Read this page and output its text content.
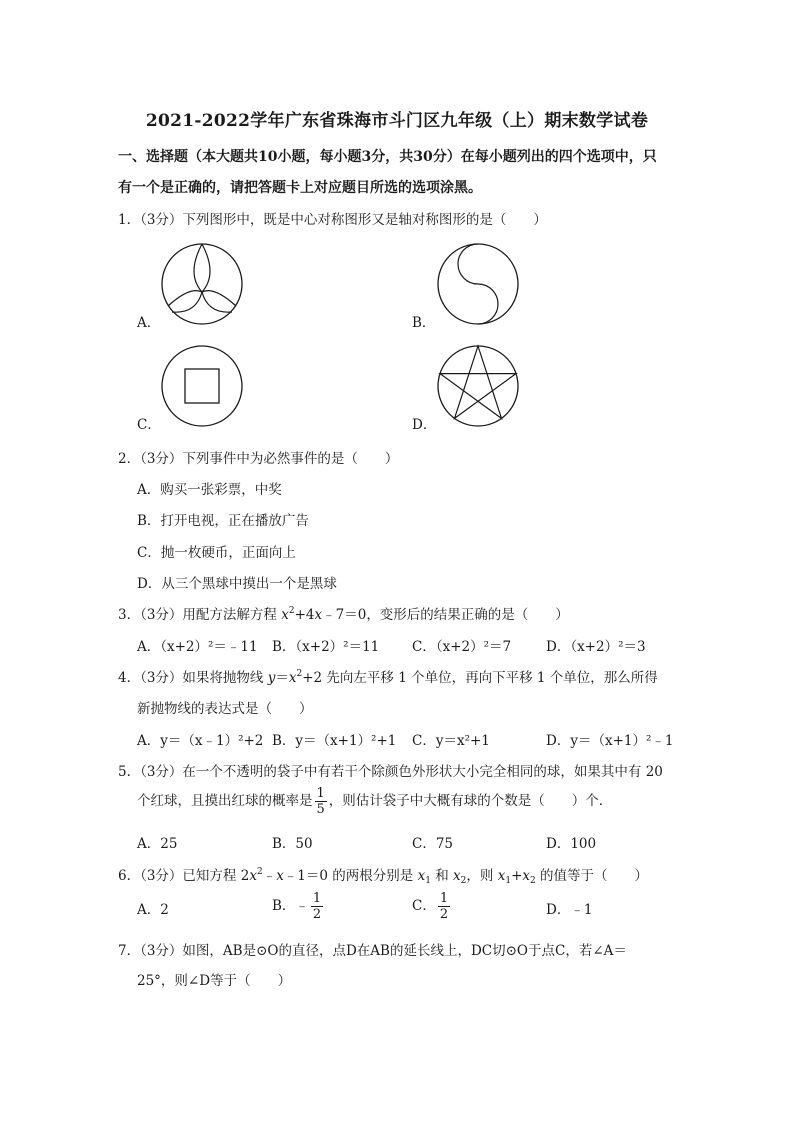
2021-2022学年广东省珠海市斗门区九年级（上）期末数学试卷
一、选择题（本大题共10小题，每小题3分，共30分）在每小题列出的四个选项中，只
有一个是正确的，请把答题卡上对应题目所选的选项涂黑。
1．（3分）下列图形中，既是中心对称图形又是轴对称图形的是（　　）
A．	B．
C．	D．
2．（3分）下列事件中为必然事件的是（　　）
A．购买一张彩票，中奖
B．打开电视，正在播放广告
C．抛一枚硬币，正面向上
D．从三个黑球中摸出一个是黑球
3．（3分）用配方法解方程 $x^2+4x﹣7=0$，变形后的结果正确的是（　　）
A．（x+2）²＝﹣11 B．（x+2）²＝11 C．（x+2）²＝7	D．（x+2）²＝3
4．（3分）如果将抛物线 $y=x^2+2$ 先向左平移 1 个单位，再向下平移 1 个单位，那么所得
新抛物线的表达式是（　　）
A．y＝（x﹣1）²+2 B．y＝（x+1）²+1 C．y＝x²+1	D．y＝（x+1）²﹣1
5．（3分）在一个不透明的袋子中有若干个除颜色外形状大小完全相同的球，如果其中有 20
个红球，且摸出红球的概率是 $\frac{1}{5}$ ，则估计袋子中大概有球的个数是（　　）个．
A．25	B．50	C．75	D．100
6．（3分）已知方程 $2x^2﹣x﹣1=0$ 的两根分别是 $x_1$ 和 $x_2$，则 $x_1+x_2$ 的值等于（　　）
A．2	B．﹣ $\frac{1}{2}$	C． $\frac{1}{2}$	D．﹣1
7．（3分）如图，AB是⊙O的直径，点D在AB的延长线上，DC切⊙O于点C，若∠A＝
25°，则∠D等于（　　）
